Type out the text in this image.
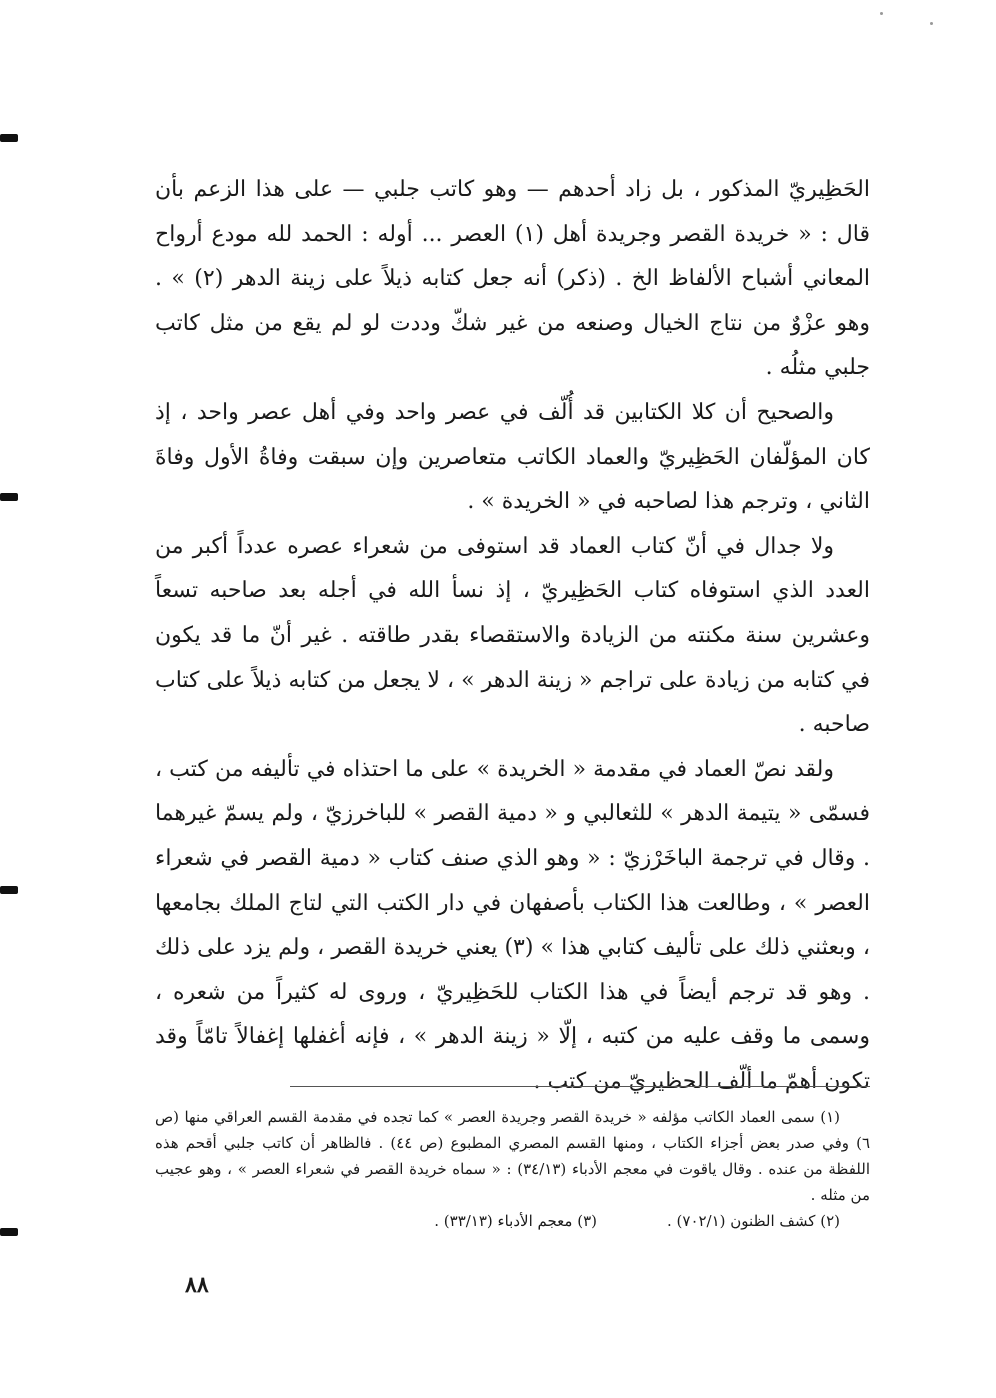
الحَظِيريّ المذكور ، بل زاد أحدهم — وهو كاتب جلبي — على هذا الزعم بأن قال : « خريدة القصر وجريدة أهل (١) العصر ... أوله : الحمد لله مودع أرواح المعاني أشباح الألفاظ الخ . (ذكر) أنه جعل كتابه ذيلاً على زينة الدهر (٢) » . وهو عزْوٌ من نتاج الخيال وصنعه من غير شكّ وددت لو لم يقع من مثل كاتب جلبي مثلُه .

والصحيح أن كلا الكتابين قد أُلّف في عصر واحد وفي أهل عصر واحد ، إذ كان المؤلّفان الحَظِيريّ والعماد الكاتب متعاصرين وإن سبقت وفاةُ الأول وفاةَ الثاني ، وترجم هذا لصاحبه في « الخريدة » .

ولا جدال في أنّ كتاب العماد قد استوفى من شعراء عصره عدداً أكبر من العدد الذي استوفاه كتاب الحَظِيريّ ، إذ نسأ الله في أجله بعد صاحبه تسعاً وعشرين سنة مكنته من الزيادة والاستقصاء بقدر طاقته . غير أنّ ما قد يكون في كتابه من زيادة على تراجم « زينة الدهر » ، لا يجعل من كتابه ذيلاً على كتاب صاحبه .

ولقد نصّ العماد في مقدمة « الخريدة » على ما احتذاه في تأليفه من كتب ، فسمّى « يتيمة الدهر » للثعالبي و « دمية القصر » للباخرزيّ ، ولم يسمّ غيرهما . وقال في ترجمة الباخَرْزيّ : « وهو الذي صنف كتاب « دمية القصر في شعراء العصر » ، وطالعت هذا الكتاب بأصفهان في دار الكتب التي لتاج الملك بجامعها ، وبعثني ذلك على تأليف كتابي هذا » (٣) يعني خريدة القصر ، ولم يزد على ذلك . وهو قد ترجم أيضاً في هذا الكتاب للحَظِيريّ ، وروى له كثيراً من شعره ، وسمى ما وقف عليه من كتبه ، إلّا « زينة الدهر » ، فإنه أغفلها إغفالاً تامّاً وقد تكون أهمّ ما ألّف الحظيريّ من كتب .

(١) سمى العماد الكاتب مؤلفه « خريدة القصر وجريدة العصر » كما تجده في مقدمة القسم العراقي منها (ص ٦) وفي صدر بعض أجزاء الكتاب ، ومنها القسم المصري المطبوع (ص ٤٤) . فالظاهر أن كاتب جلبي أقحم هذه اللفظة من عنده . وقال ياقوت في معجم الأدباء (٣٤/١٣) : « سماه خريدة القصر في شعراء العصر » ، وهو عجيب من مثله .

(٢) كشف الظنون (٧٠٢/١) .
(٣) معجم الأدباء (٣٣/١٣) .
٨٨
